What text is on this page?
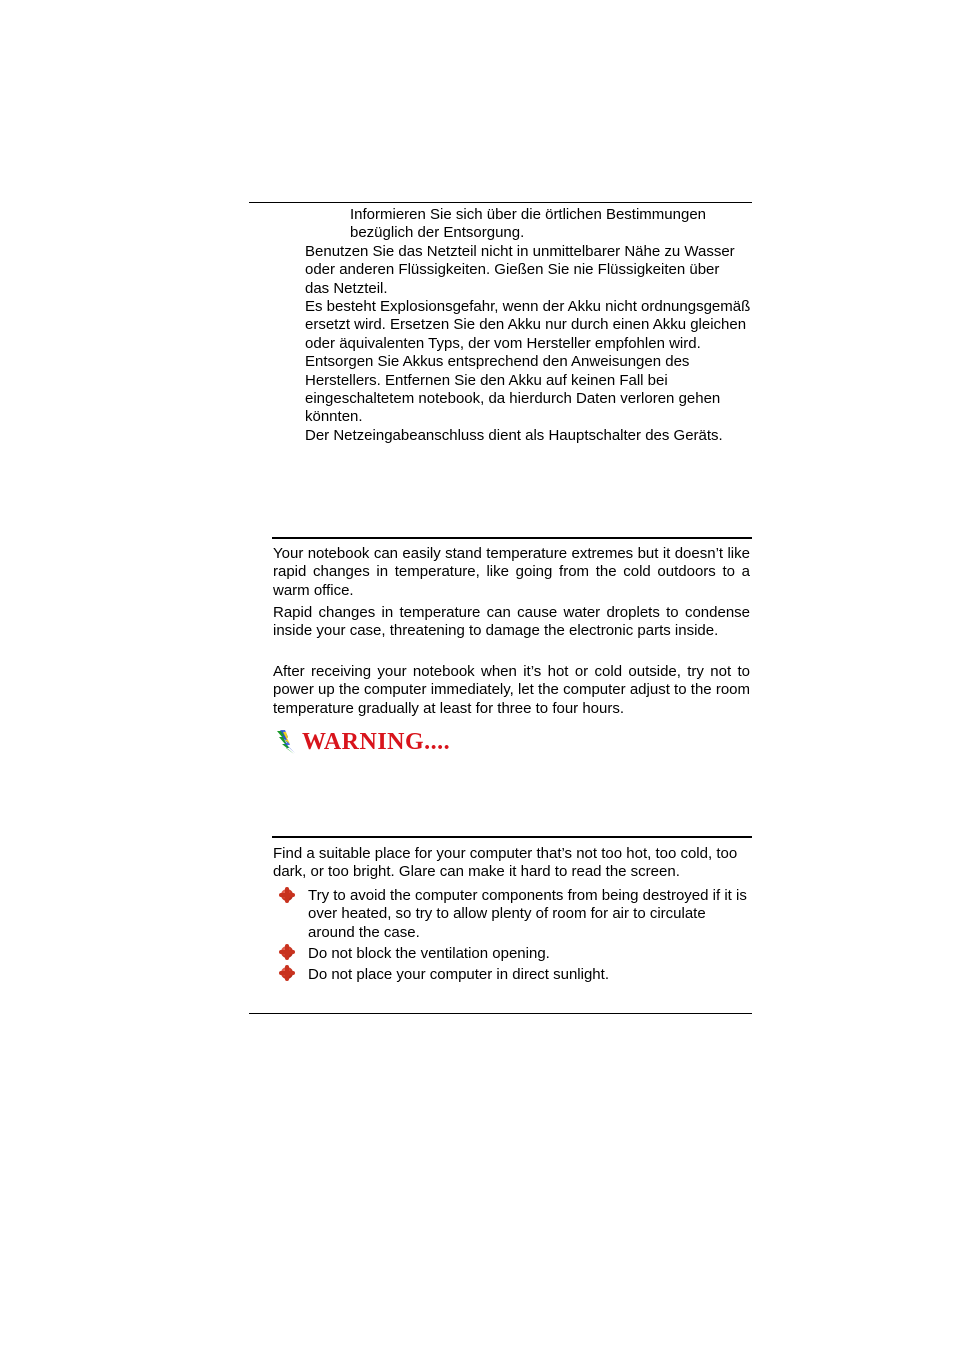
Informieren Sie sich über die örtlichen Bestimmungen bezüglich der Entsorgung.
Benutzen Sie das Netzteil nicht in unmittelbarer Nähe zu Wasser oder anderen Flüssigkeiten. Gießen Sie nie Flüssigkeiten über das Netzteil.
Es besteht Explosionsgefahr, wenn der Akku nicht ordnungsgemäß ersetzt wird. Ersetzen Sie den Akku nur durch einen Akku gleichen oder äquivalenten Typs, der vom Hersteller empfohlen wird. Entsorgen Sie Akkus entsprechend den Anweisungen des Herstellers. Entfernen Sie den Akku auf keinen Fall bei eingeschaltetem notebook, da hierdurch Daten verloren gehen könnten.
Der Netzeingabeanschluss dient als Hauptschalter des Geräts.
Your notebook can easily stand temperature extremes but it doesn’t like rapid changes in temperature, like going from the cold outdoors to a warm office.
Rapid changes in temperature can cause water droplets to condense inside your case, threatening to damage the electronic parts inside.
After receiving your notebook when it’s hot or cold outside, try not to power up the computer immediately, let the computer adjust to the room temperature gradually at least for three to four hours.
WARNING....
Find a suitable place for your computer that’s not too hot, too cold, too dark, or too bright. Glare can make it hard to read the screen.
Try to avoid the computer components from being destroyed if it is over heated, so try to allow plenty of room for air to circulate around the case.
Do not block the ventilation opening.
Do not place your computer in direct sunlight.
